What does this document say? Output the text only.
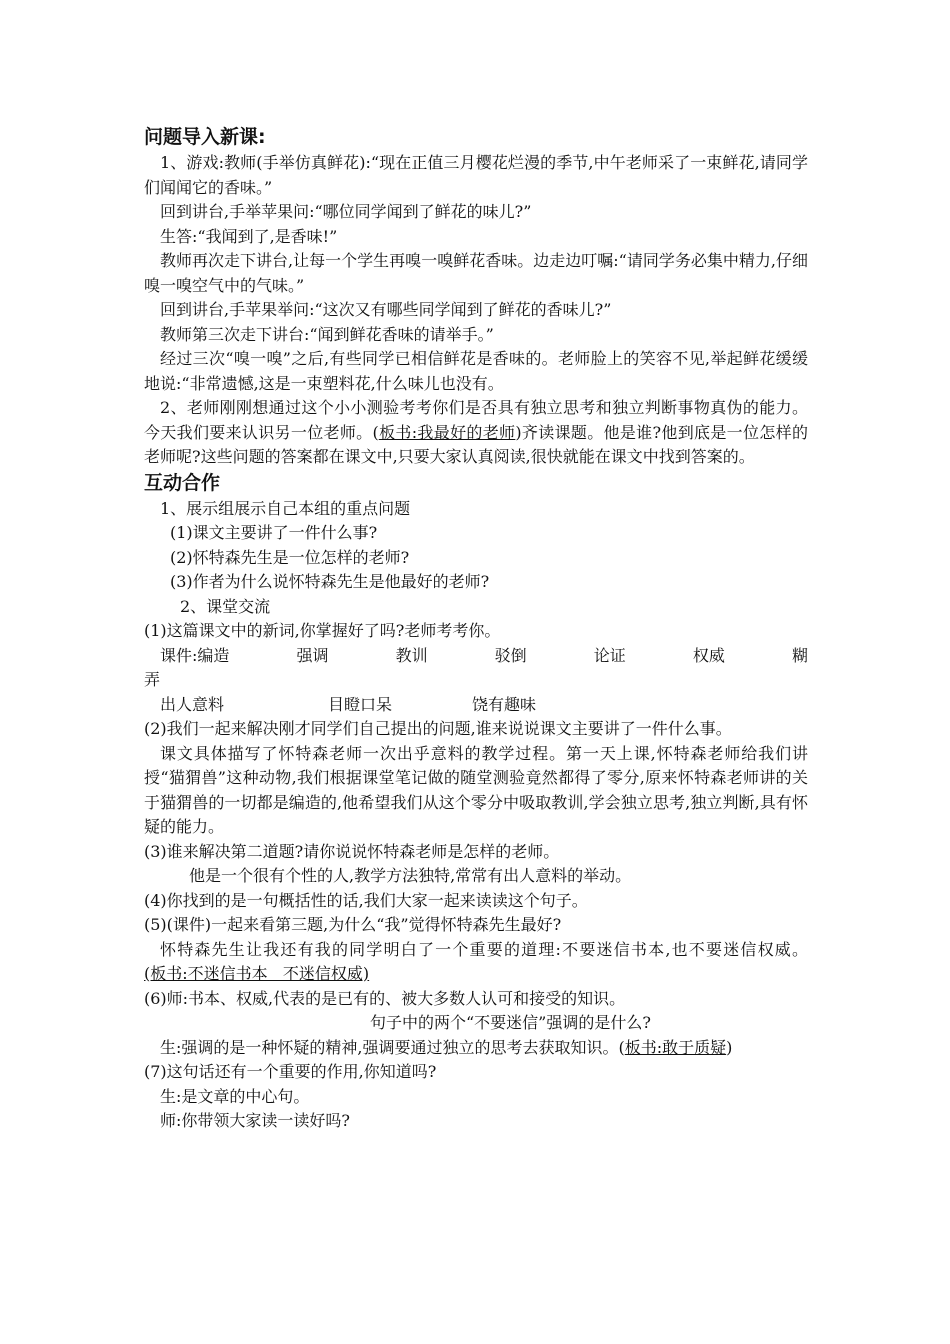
问题导入新课:

1、游戏:教师(手举仿真鲜花):“现在正值三月樱花烂漫的季节,中午老师采了一束鲜花,请同学们闻闻它的香味。”

回到讲台,手举苹果问:“哪位同学闻到了鲜花的味儿?”

生答:“我闻到了,是香味!”

教师再次走下讲台,让每一个学生再嗅一嗅鲜花香味。边走边叮嘱:“请同学务必集中精力,仔细嗅一嗅空气中的气味。”

回到讲台,手苹果举问:“这次又有哪些同学闻到了鲜花的香味儿?”

教师第三次走下讲台:“闻到鲜花香味的请举手。”

经过三次“嗅一嗅”之后,有些同学已相信鲜花是香味的。老师脸上的笑容不见,举起鲜花缓缓地说:“非常遗憾,这是一束塑料花,什么味儿也没有。

2、老师刚刚想通过这个小小测验考考你们是否具有独立思考和独立判断事物真伪的能力。今天我们要来认识另一位老师。(板书:我最好的老师)齐读课题。他是谁?他到底是一位怎样的老师呢?这些问题的答案都在课文中,只要大家认真阅读,很快就能在课文中找到答案的。

互动合作

1、展示组展示自己本组的重点问题

(1)课文主要讲了一件什么事?

(2)怀特森先生是一位怎样的老师?

(3)作者为什么说怀特森先生是他最好的老师?

2、课堂交流

(1)这篇课文中的新词,你掌握好了吗?老师考考你。

课件:编造	强调	教训	驳倒	论证	权威	糊

弄

出人意料	目瞪口呆	饶有趣味

(2)我们一起来解决刚才同学们自己提出的问题,谁来说说课文主要讲了一件什么事。

课文具体描写了怀特森老师一次出乎意料的教学过程。第一天上课,怀特森老师给我们讲授“猫猬兽”这种动物,我们根据课堂笔记做的随堂测验竟然都得了零分,原来怀特森老师讲的关于猫猬兽的一切都是编造的,他希望我们从这个零分中吸取教训,学会独立思考,独立判断,具有怀疑的能力。

(3)谁来解决第二道题?请你说说怀特森老师是怎样的老师。

他是一个很有个性的人,教学方法独特,常常有出人意料的举动。

(4)你找到的是一句概括性的话,我们大家一起来读读这个句子。

(5)(课件)一起来看第三题,为什么“我”觉得怀特森先生最好?

怀特森先生让我还有我的同学明白了一个重要的道理:不要迷信书本,也不要迷信权威。(板书:不迷信书本   不迷信权威)

(6)师:书本、权威,代表的是已有的、被大多数人认可和接受的知识。

句子中的两个“不要迷信”强调的是什么?

生:强调的是一种怀疑的精神,强调要通过独立的思考去获取知识。(板书:敢于质疑)

(7)这句话还有一个重要的作用,你知道吗?

生:是文章的中心句。

师:你带领大家读一读好吗?
